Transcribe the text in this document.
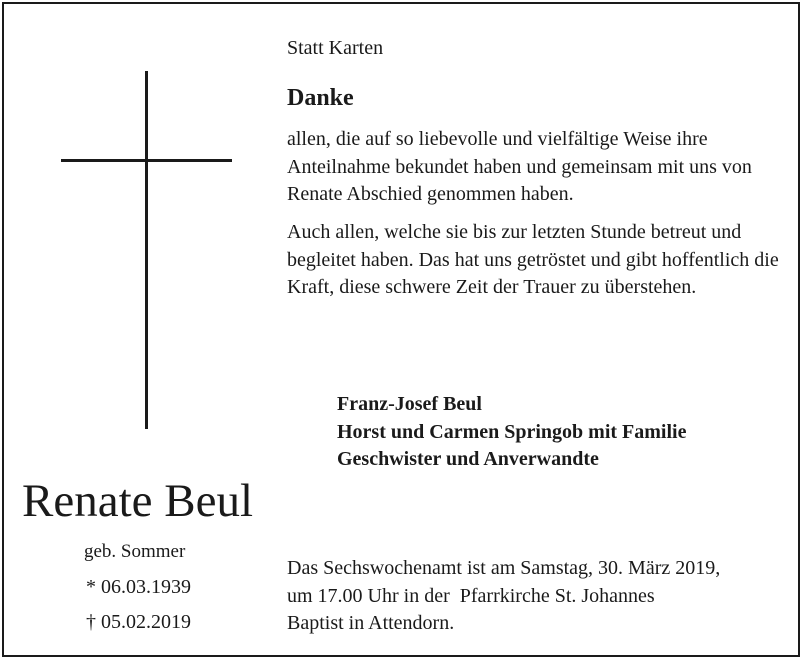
Statt Karten
Danke

allen, die auf so liebevolle und vielfältige Weise ihre Anteilnahme bekundet haben und gemeinsam mit uns von Renate Abschied genommen haben.

Auch allen, welche sie bis zur letzten Stunde betreut und begleitet haben. Das hat uns getröstet und gibt hoffentlich die Kraft, diese schwere Zeit der Trauer zu überstehen.

Franz-Josef Beul
Horst und Carmen Springob mit Familie
Geschwister und Anverwandte
Renate Beul
geb. Sommer
* 06.03.1939
† 05.02.2019
Das Sechswochenamt ist am Samstag, 30. März 2019,
um 17.00 Uhr in der  Pfarrkirche St. Johannes
Baptist in Attendorn.
